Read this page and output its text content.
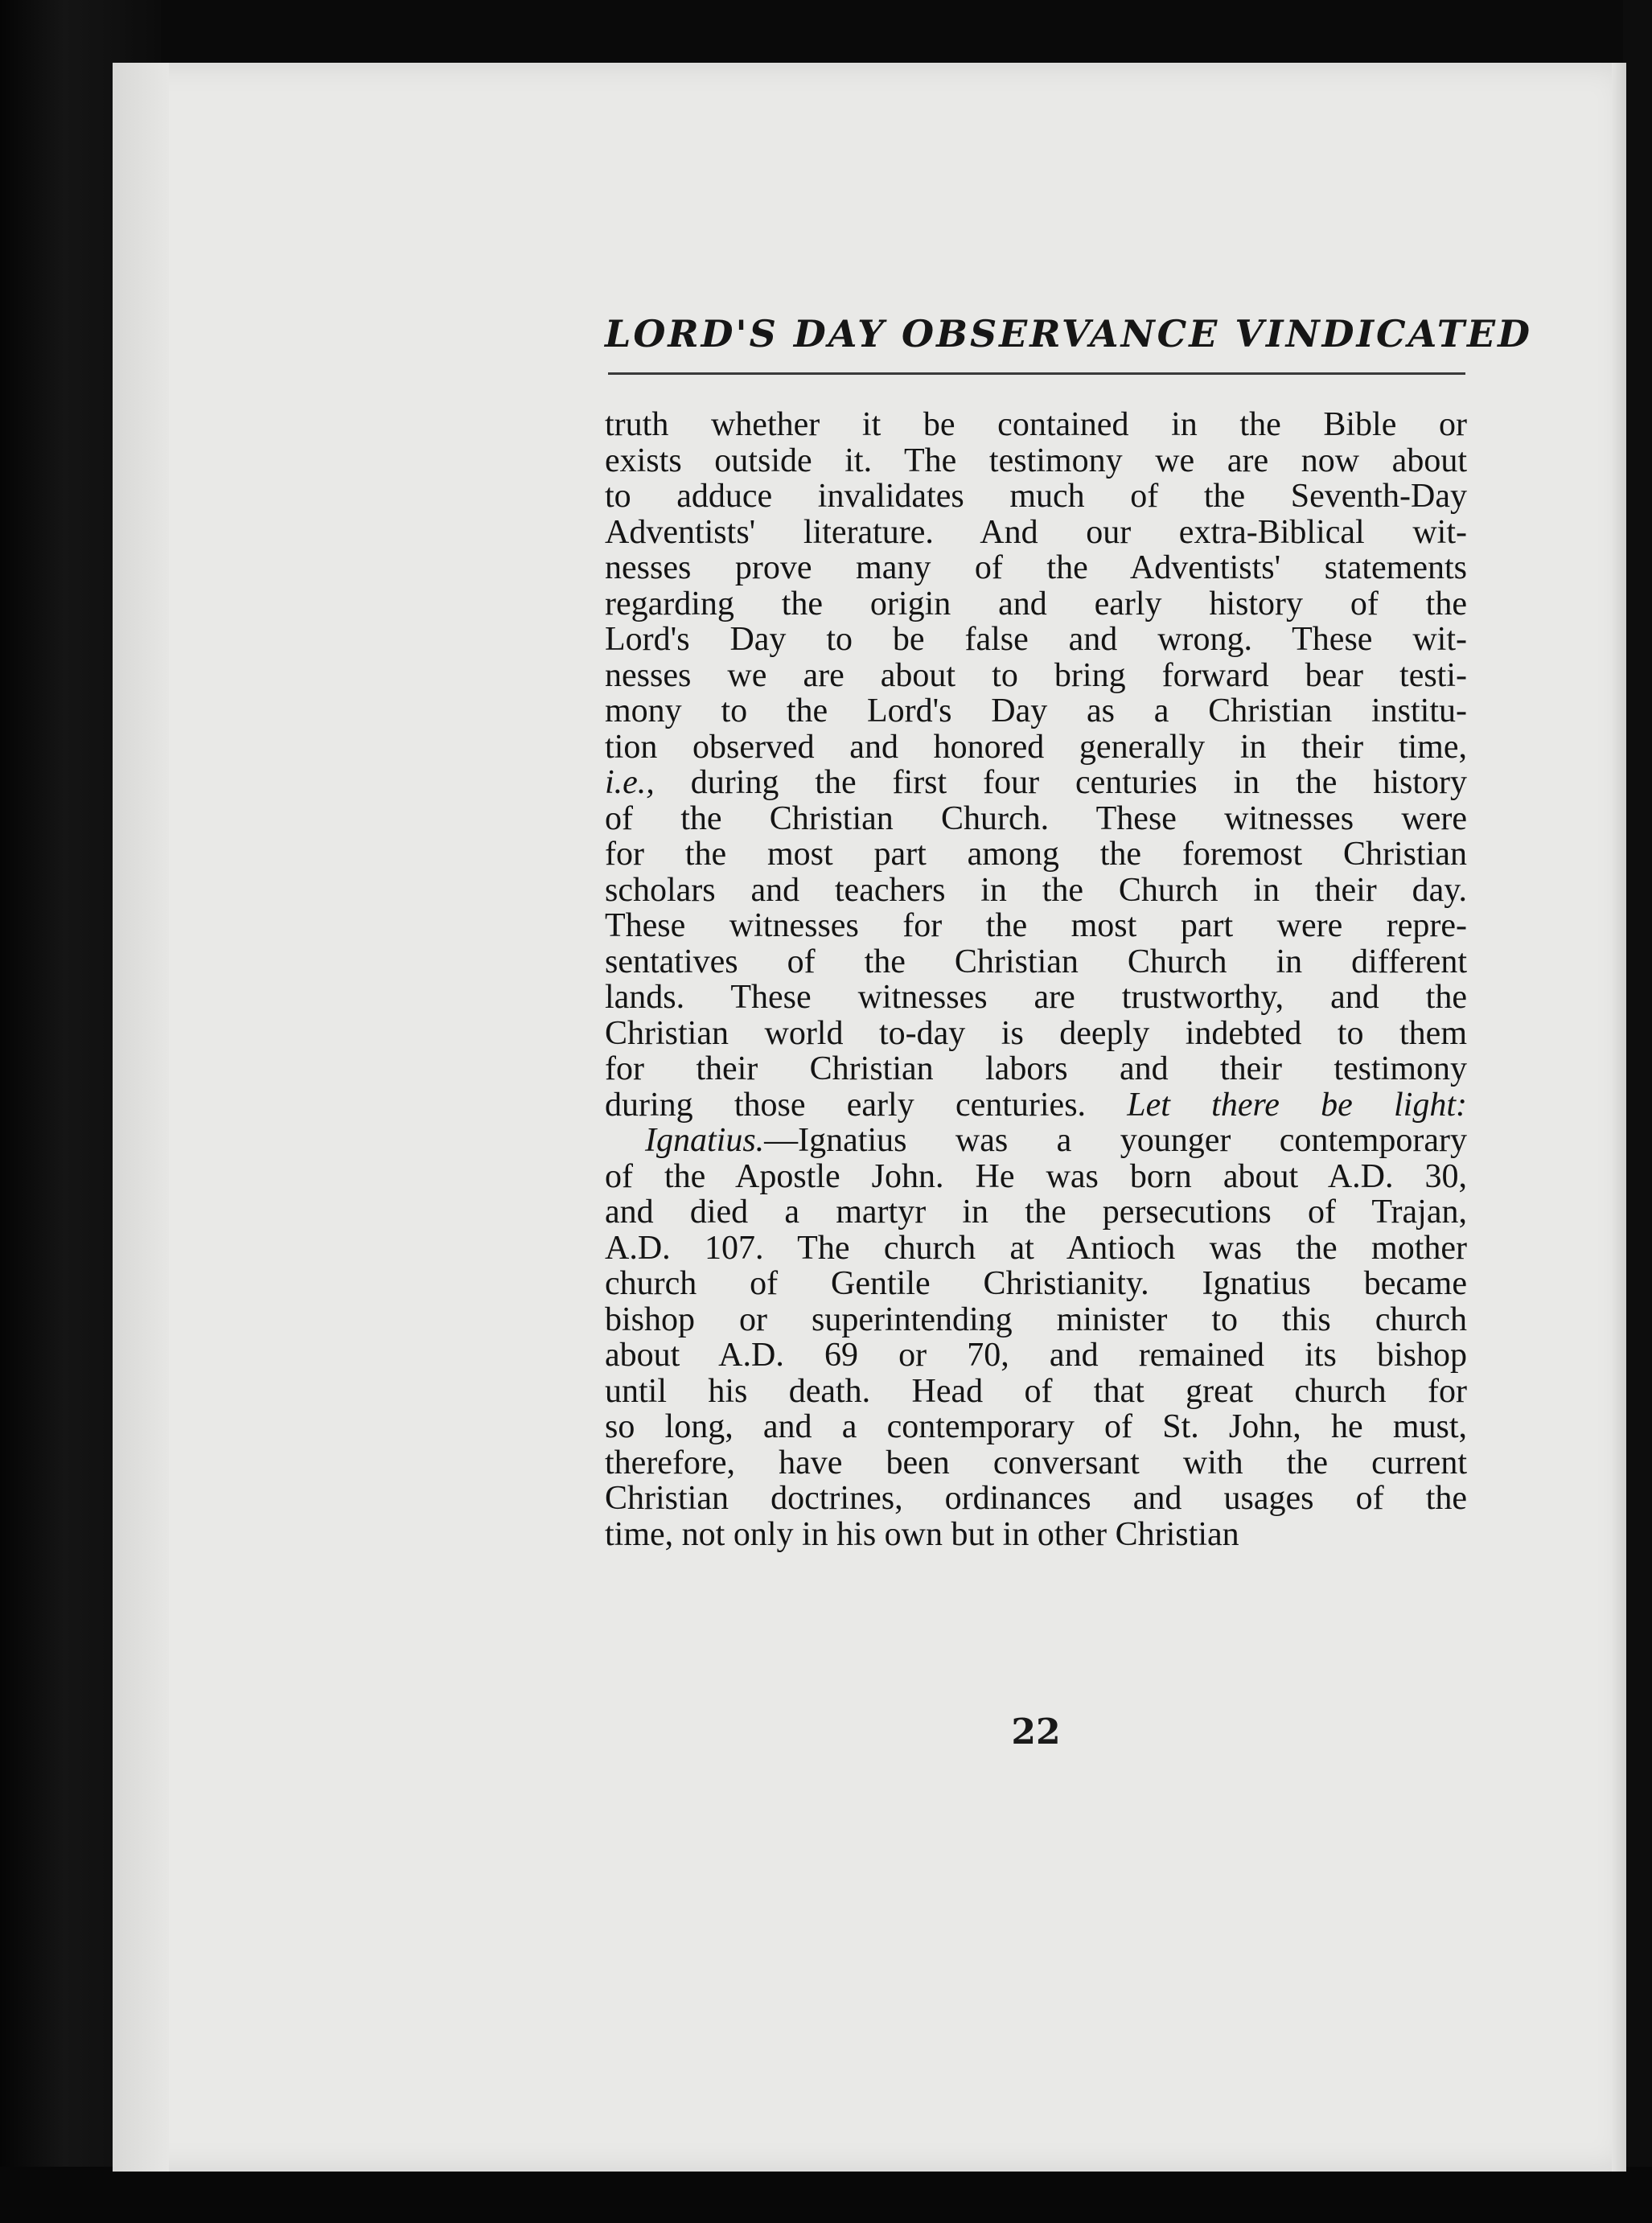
LORD'S DAY OBSERVANCE VINDICATED
truth whether it be contained in the Bible or
exists outside it. The testimony we are now about
to adduce invalidates much of the Seventh-Day
Adventists' literature. And our extra-Biblical wit-
nesses prove many of the Adventists' statements
regarding the origin and early history of the
Lord's Day to be false and wrong. These wit-
nesses we are about to bring forward bear testi-
mony to the Lord's Day as a Christian institu-
tion observed and honored generally in their time,
i.e., during the first four centuries in the history
of the Christian Church. These witnesses were
for the most part among the foremost Christian
scholars and teachers in the Church in their day.
These witnesses for the most part were repre-
sentatives of the Christian Church in different
lands. These witnesses are trustworthy, and the
Christian world to-day is deeply indebted to them
for their Christian labors and their testimony
during those early centuries. Let there be light:
Ignatius.—Ignatius was a younger contemporary
of the Apostle John. He was born about A.D. 30,
and died a martyr in the persecutions of Trajan,
A.D. 107. The church at Antioch was the mother
church of Gentile Christianity. Ignatius became
bishop or superintending minister to this church
about A.D. 69 or 70, and remained its bishop
until his death. Head of that great church for
so long, and a contemporary of St. John, he must,
therefore, have been conversant with the current
Christian doctrines, ordinances and usages of the
time, not only in his own but in other Christian
22
